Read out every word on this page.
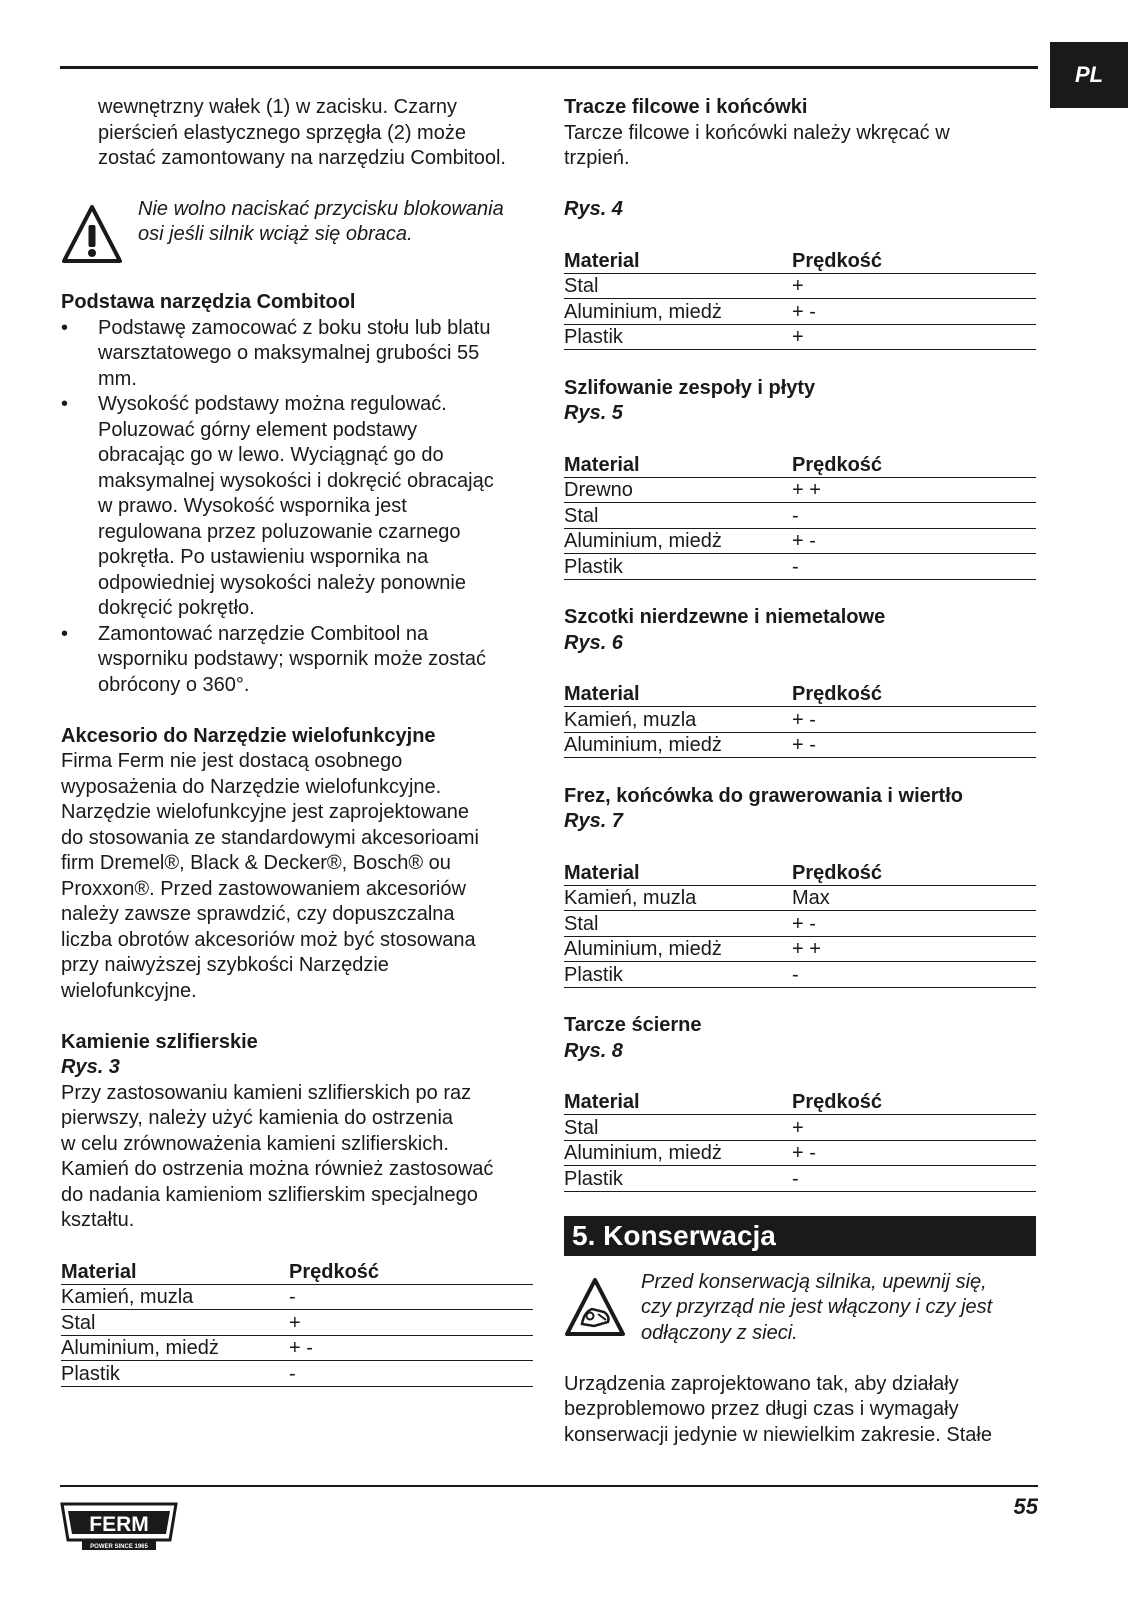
PL

wewnętrzny wałek (1) w zacisku. Czarny

pierścień elastycznego sprzęgła (2) może

zostać zamontowany na narzędziu Combitool.

Nie wolno naciskać przycisku blokowania

osi jeśli silnik wciąż się obraca.

Podstawa narzędzia Combitool

• Podstawę zamocować z boku stołu lub blatu

warsztatowego o maksymalnej grubości 55

mm.

• Wysokość podstawy można regulować.

Poluzować górny element podstawy

obracając go w lewo. Wyciągnąć go do

maksymalnej wysokości i dokręcić obracając

w prawo. Wysokość wspornika jest

regulowana przez poluzowanie czarnego

pokrętła. Po ustawieniu wspornika na

odpowiedniej wysokości należy ponownie

dokręcić pokrętło.

• Zamontować narzędzie Combitool na

wsporniku podstawy; wspornik może zostać

obrócony o 360°.

Akcesorio do Narzędzie wielofunkcyjne

Firma Ferm nie jest dostacą osobnego

wyposażenia do Narzędzie wielofunkcyjne.

Narzędzie wielofunkcyjne jest zaprojektowane

do stosowania ze standardowymi akcesorioami

firm Dremel®, Black & Decker®, Bosch® ou

Proxxon®. Przed zastowowaniem akcesoriów

należy zawsze sprawdzić, czy dopuszczalna

liczba obrotów akcesoriów moż być stosowana

przy naiwyższej szybkości Narzędzie

wielofunkcyjne.

Kamienie szlifierskie

Rys. 3

Przy zastosowaniu kamieni szlifierskich po raz

pierwszy, należy użyć kamienia do ostrzenia

w celu zrównoważenia kamieni szlifierskich.

Kamień do ostrzenia można również zastosować

do nadania kamieniom szlifierskim specjalnego

kształtu.

Material	Prędkość
Kamień, muzla	-
Stal	+
Aluminium, miedż	+ -
Plastik	-

Tracze filcowe i końcówki

Tarcze filcowe i końcówki należy wkręcać w

trzpień.

Rys. 4

Material	Prędkość
Stal	+
Aluminium, miedż	+ -
Plastik	+

Szlifowanie zespoły i płyty

Rys. 5

Material	Prędkość
Drewno	+ +
Stal	-
Aluminium, miedż	+ -
Plastik	-

Szcotki nierdzewne i niemetalowe

Rys. 6

Material	Prędkość
Kamień, muzla	+ -
Aluminium, miedż	+ -

Frez, końcówka do grawerowania i wiertło

Rys. 7

Material	Prędkość
Kamień, muzla	Max
Stal	+ -
Aluminium, miedż	+ +
Plastik	-

Tarcze ścierne

Rys. 8

Material	Prędkość
Stal	+
Aluminium, miedż	+ -
Plastik	-
5. Konserwacja

Przed konserwacją silnika, upewnij się,

czy przyrząd nie jest włączony i czy jest

odłączony z sieci.

Urządzenia zaprojektowano tak, aby działały

bezproblemowo przez długi czas i wymagały

konserwacji jedynie w niewielkim zakresie. Stałe

FERM
POWER SINCE 1965
55
